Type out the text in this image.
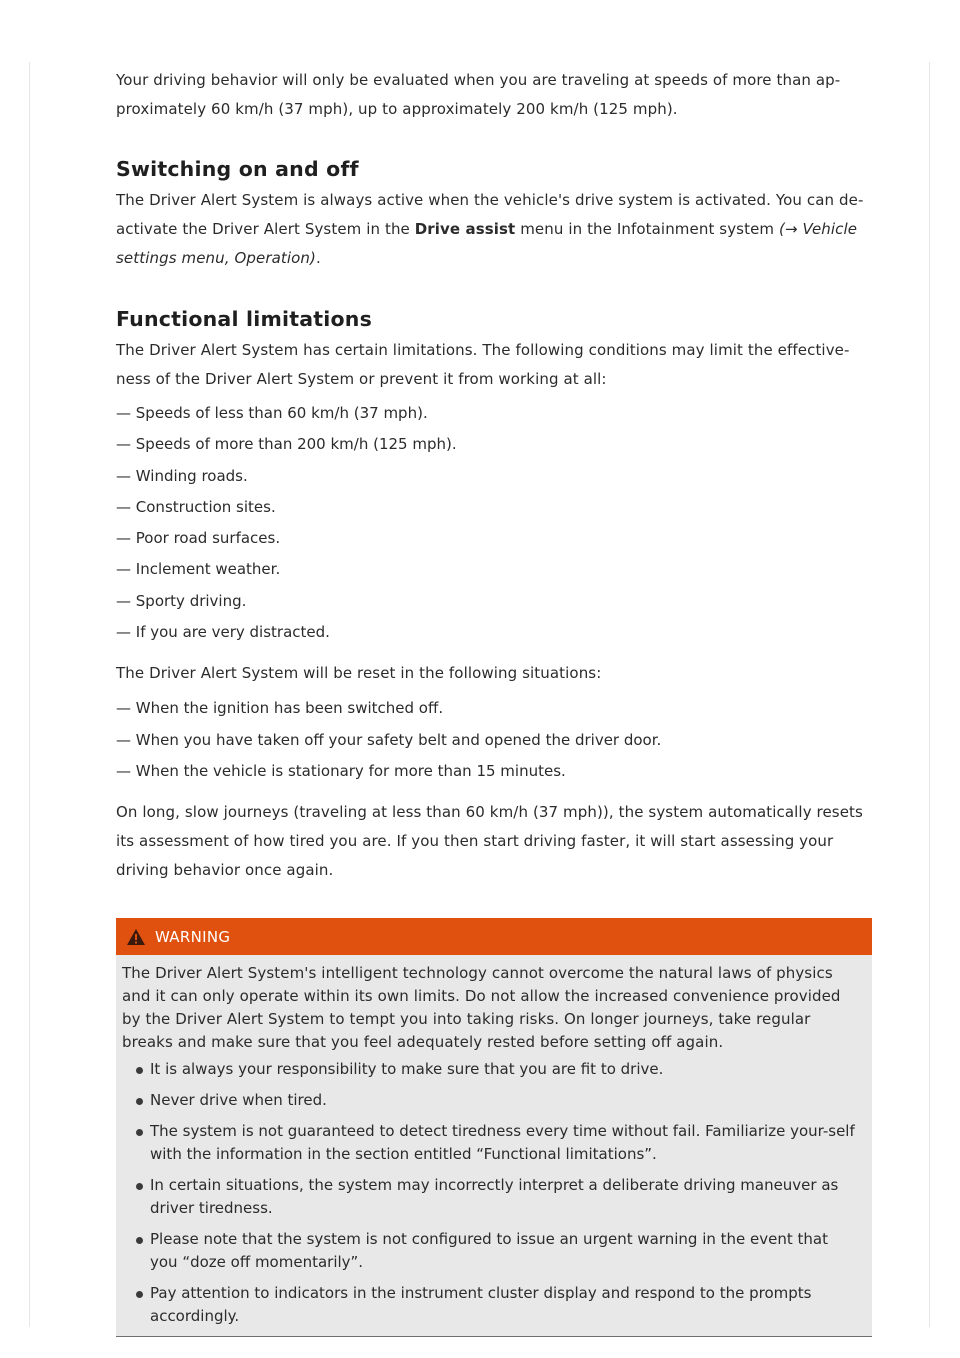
Your driving behavior will only be evaluated when you are traveling at speeds of more than ap-proximately 60 km/h (37 mph), up to approximately 200 km/h (125 mph).

Switching on and off

The Driver Alert System is always active when the vehicle's drive system is activated. You can de-activate the Driver Alert System in the Drive assist menu in the Infotainment system (→ Vehicle settings menu, Operation).

Functional limitations

The Driver Alert System has certain limitations. The following conditions may limit the effective-ness of the Driver Alert System or prevent it from working at all:

— Speeds of less than 60 km/h (37 mph).
— Speeds of more than 200 km/h (125 mph).
— Winding roads.
— Construction sites.
— Poor road surfaces.
— Inclement weather.
— Sporty driving.
— If you are very distracted.

The Driver Alert System will be reset in the following situations:

— When the ignition has been switched off.
— When you have taken off your safety belt and opened the driver door.
— When the vehicle is stationary for more than 15 minutes.

On long, slow journeys (traveling at less than 60 km/h (37 mph)), the system automatically resets its assessment of how tired you are. If you then start driving faster, it will start assessing your driving behavior once again.

WARNING

The Driver Alert System's intelligent technology cannot overcome the natural laws of physics and it can only operate within its own limits. Do not allow the increased convenience provided by the Driver Alert System to tempt you into taking risks. On longer journeys, take regular breaks and make sure that you feel adequately rested before setting off again.

It is always your responsibility to make sure that you are fit to drive.
Never drive when tired.
The system is not guaranteed to detect tiredness every time without fail. Familiarize your-self with the information in the section entitled “Functional limitations”.
In certain situations, the system may incorrectly interpret a deliberate driving maneuver as driver tiredness.
Please note that the system is not configured to issue an urgent warning in the event that you “doze off momentarily”.
Pay attention to indicators in the instrument cluster display and respond to the prompts accordingly.
